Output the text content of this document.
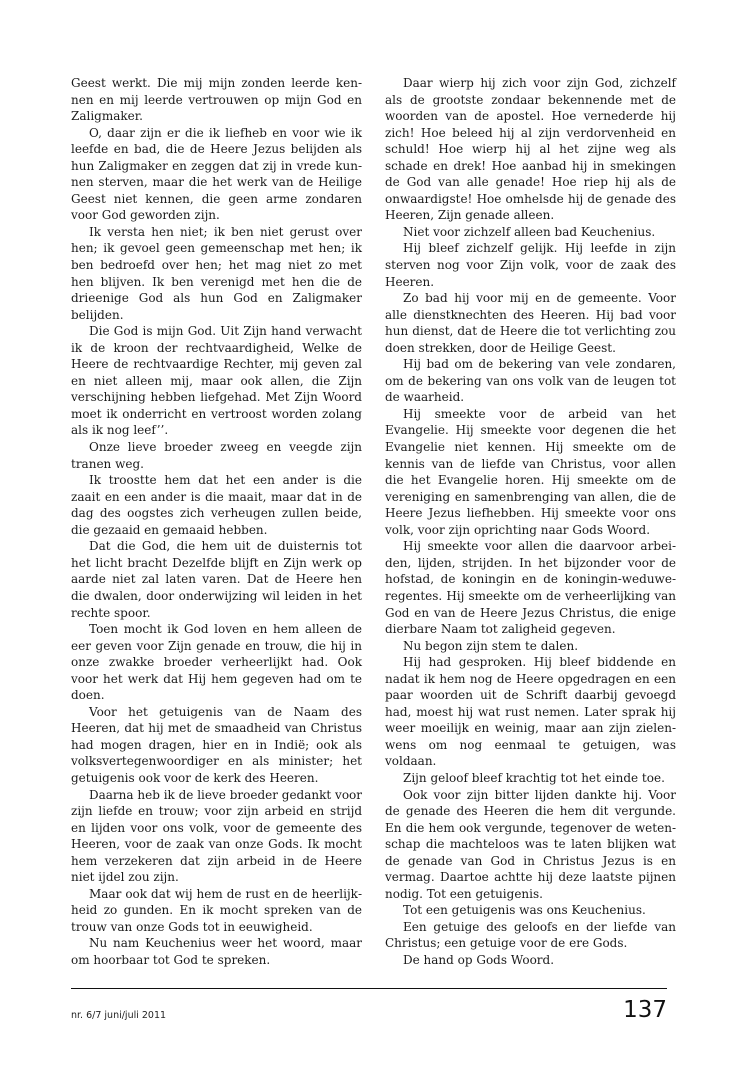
Geest werkt. Die mij mijn zonden leerde kennen en mij leerde vertrouwen op mijn God en Zaligmaker.

O, daar zijn er die ik liefheb en voor wie ik leefde en bad, die de Heere Jezus belijden als hun Zaligmaker en zeggen dat zij in vrede kunnen sterven, maar die het werk van de Heilige Geest niet kennen, die geen arme zondaren voor God geworden zijn.

Ik versta hen niet; ik ben niet gerust over hen; ik gevoel geen gemeenschap met hen; ik ben bedroefd over hen; het mag niet zo met hen blijven. Ik ben verenigd met hen die de drieenige God als hun God en Zaligmaker belijden.

Die God is mijn God. Uit Zijn hand verwacht ik de kroon der rechtvaardigheid, Welke de Heere de rechtvaardige Rechter, mij geven zal en niet alleen mij, maar ook allen, die Zijn verschijning hebben liefgehad. Met Zijn Woord moet ik onderricht en vertroost worden zolang als ik nog leef’’.

Onze lieve broeder zweeg en veegde zijn tranen weg.

Ik troostte hem dat het een ander is die zaait en een ander is die maait, maar dat in de dag des oogstes zich verheugen zullen beide, die gezaaid en gemaaid hebben.

Dat die God, die hem uit de duisternis tot het licht bracht Dezelfde blijft en Zijn werk op aarde niet zal laten varen. Dat de Heere hen die dwalen, door onderwijzing wil leiden in het rechte spoor.

Toen mocht ik God loven en hem alleen de eer geven voor Zijn genade en trouw, die hij in onze zwakke broeder verheerlijkt had. Ook voor het werk dat Hij hem gegeven had om te doen.

Voor het getuigenis van de Naam des Heeren, dat hij met de smaadheid van Christus had mogen dragen, hier en in Indië; ook als volksvertegenwoordiger en als minister; het getuigenis ook voor de kerk des Heeren.

Daarna heb ik de lieve broeder gedankt voor zijn liefde en trouw; voor zijn arbeid en strijd en lijden voor ons volk, voor de gemeente des Heeren, voor de zaak van onze Gods. Ik mocht hem verzekeren dat zijn arbeid in de Heere niet ijdel zou zijn.

Maar ook dat wij hem de rust en de heerlijkheid zo gunden. En ik mocht spreken van de trouw van onze Gods tot in eeuwigheid.

Nu nam Keuchenius weer het woord, maar om hoorbaar tot God te spreken.

Daar wierp hij zich voor zijn God, zichzelf als de grootste zondaar bekennende met de woorden van de apostel. Hoe vernederde hij zich! Hoe beleed hij al zijn verdorvenheid en schuld! Hoe wierp hij al het zijne weg als schade en drek! Hoe aanbad hij in smekingen de God van alle genade! Hoe riep hij als de onwaardigste! Hoe omhelsde hij de genade des Heeren, Zijn genade alleen.

Niet voor zichzelf alleen bad Keuchenius.

Hij bleef zichzelf gelijk. Hij leefde in zijn sterven nog voor Zijn volk, voor de zaak des Heeren.

Zo bad hij voor mij en de gemeente. Voor alle dienstknechten des Heeren. Hij bad voor hun dienst, dat de Heere die tot verlichting zou doen strekken, door de Heilige Geest.

Hij bad om de bekering van vele zondaren, om de bekering van ons volk van de leugen tot de waarheid.

Hij smeekte voor de arbeid van het Evangelie. Hij smeekte voor degenen die het Evangelie niet kennen. Hij smeekte om de kennis van de liefde van Christus, voor allen die het Evangelie horen. Hij smeekte om de vereniging en samenbrenging van allen, die de Heere Jezus liefhebben. Hij smeekte voor ons volk, voor zijn oprichting naar Gods Woord.

Hij smeekte voor allen die daarvoor arbeiden, lijden, strijden. In het bijzonder voor de hofstad, de koningin en de koningin-weduweregentes. Hij smeekte om de verheerlijking van God en van de Heere Jezus Christus, die enige dierbare Naam tot zaligheid gegeven.

Nu begon zijn stem te dalen.

Hij had gesproken. Hij bleef biddende en nadat ik hem nog de Heere opgedragen en een paar woorden uit de Schrift daarbij gevoegd had, moest hij wat rust nemen. Later sprak hij weer moeilijk en weinig, maar aan zijn zielenwens om nog eenmaal te getuigen, was voldaan.

Zijn geloof bleef krachtig tot het einde toe.

Ook voor zijn bitter lijden dankte hij. Voor de genade des Heeren die hem dit vergunde. En die hem ook vergunde, tegenover de wetenschap die machteloos was te laten blijken wat de genade van God in Christus Jezus is en vermag. Daartoe achtte hij deze laatste pijnen nodig. Tot een getuigenis.

Tot een getuigenis was ons Keuchenius.

Een getuige des geloofs en der liefde van Christus; een getuige voor de ere Gods.

De hand op Gods Woord.

nr. 6/7 juni/juli 2011	137
